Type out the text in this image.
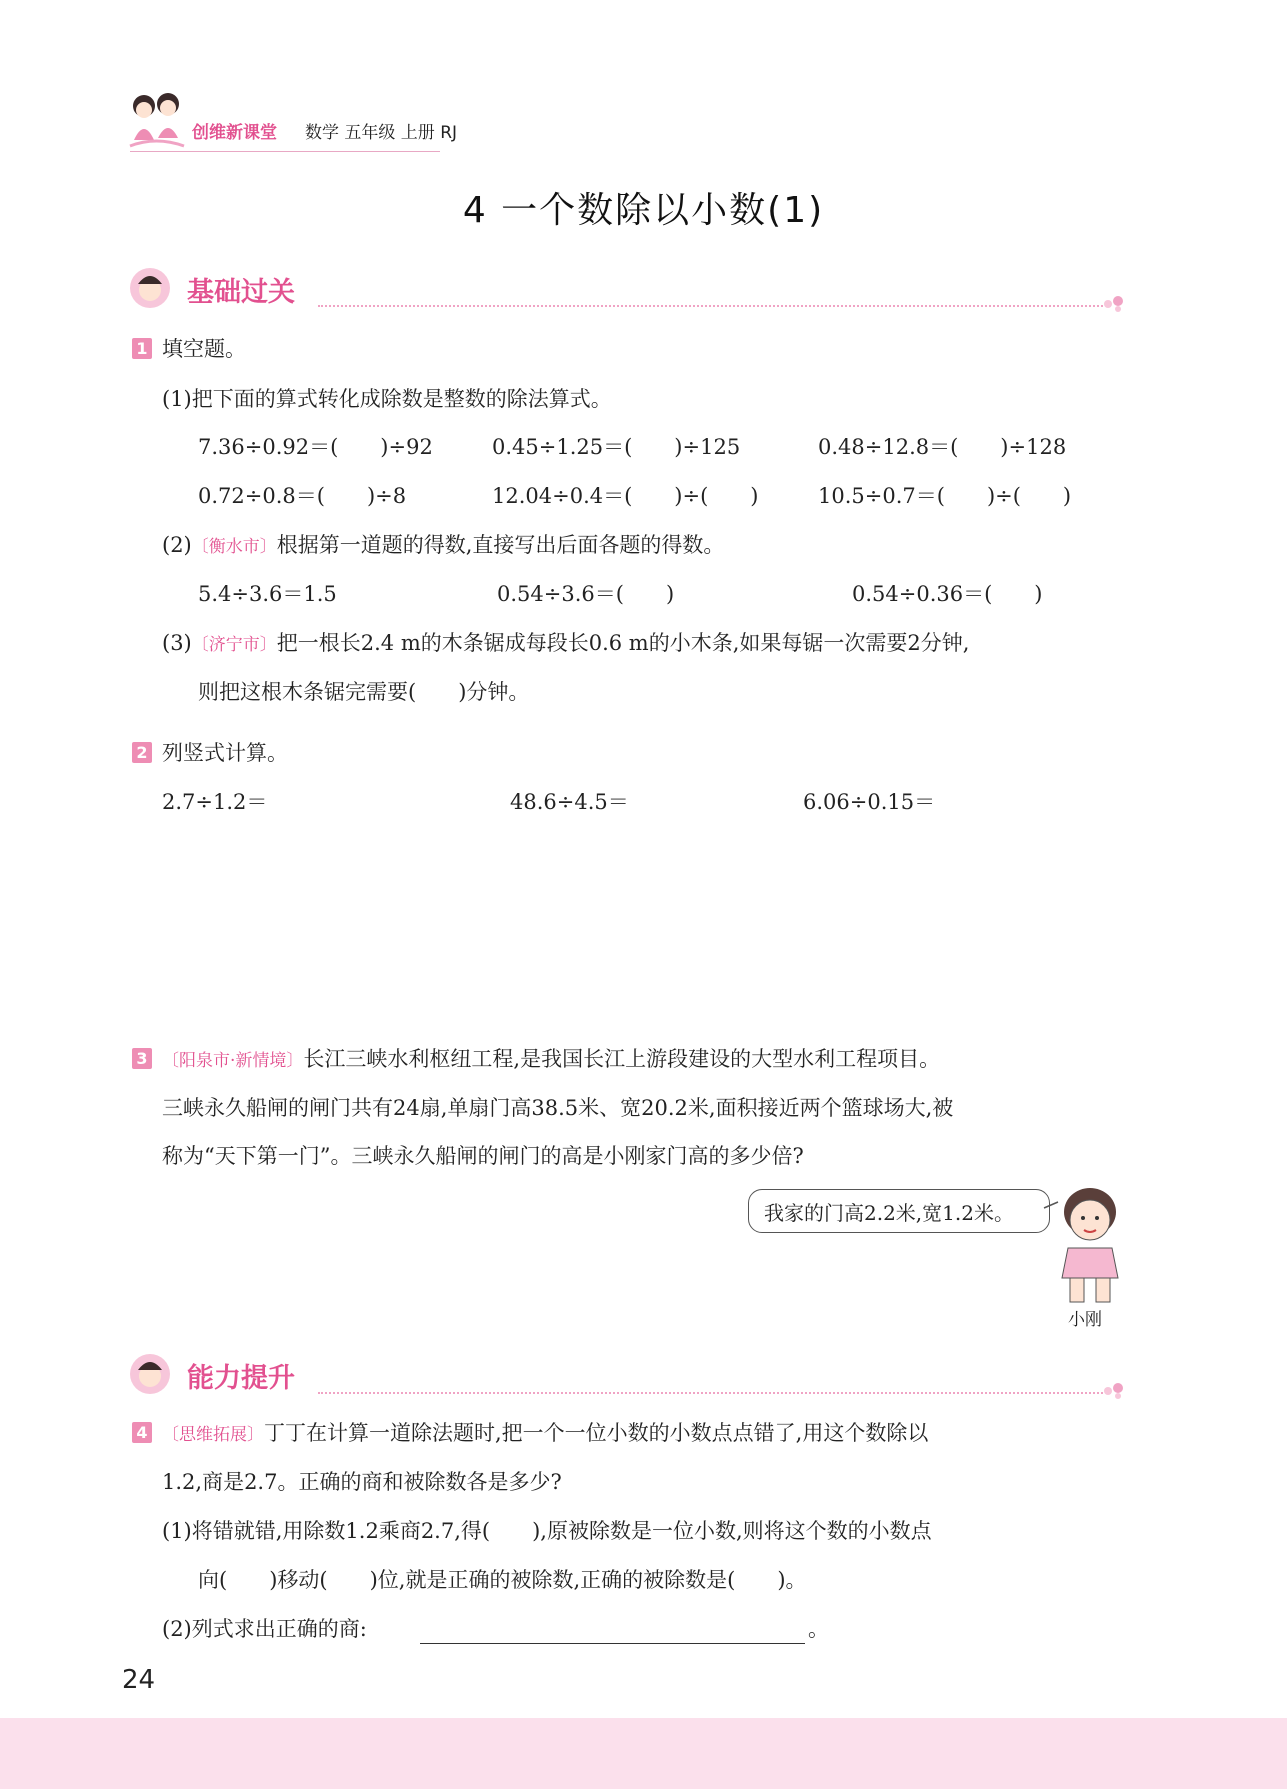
创维新课堂 数学 五年级 上册 RJ
4 一个数除以小数(1)
基础过关
1 填空题。
(1)把下面的算式转化成除数是整数的除法算式。
7.36÷0.92＝(　　)÷92	0.45÷1.25＝(　　)÷125	0.48÷12.8＝(　　)÷128
0.72÷0.8＝(　　)÷8	12.04÷0.4＝(　　)÷(　　)	10.5÷0.7＝(　　)÷(　　)
(2)〔衡水市〕根据第一道题的得数,直接写出后面各题的得数。
5.4÷3.6＝1.5	0.54÷3.6＝(　　)	0.54÷0.36＝(　　)
(3)〔济宁市〕把一根长2.4 m的木条锯成每段长0.6 m的小木条,如果每锯一次需要2分钟,
则把这根木条锯完需要(　　)分钟。
2 列竖式计算。
2.7÷1.2＝	48.6÷4.5＝	6.06÷0.15＝
3 〔阳泉市·新情境〕长江三峡水利枢纽工程,是我国长江上游段建设的大型水利工程项目。
三峡永久船闸的闸门共有24扇,单扇门高38.5米、宽20.2米,面积接近两个篮球场大,被
称为“天下第一门”。三峡永久船闸的闸门的高是小刚家门高的多少倍?
我家的门高2.2米,宽1.2米。
小刚
能力提升
4 〔思维拓展〕丁丁在计算一道除法题时,把一个一位小数的小数点点错了,用这个数除以
1.2,商是2.7。正确的商和被除数各是多少?
(1)将错就错,用除数1.2乘商2.7,得(　　),原被除数是一位小数,则将这个数的小数点
向(　　)移动(　　)位,就是正确的被除数,正确的被除数是(　　)。
(2)列式求出正确的商:	。
24
